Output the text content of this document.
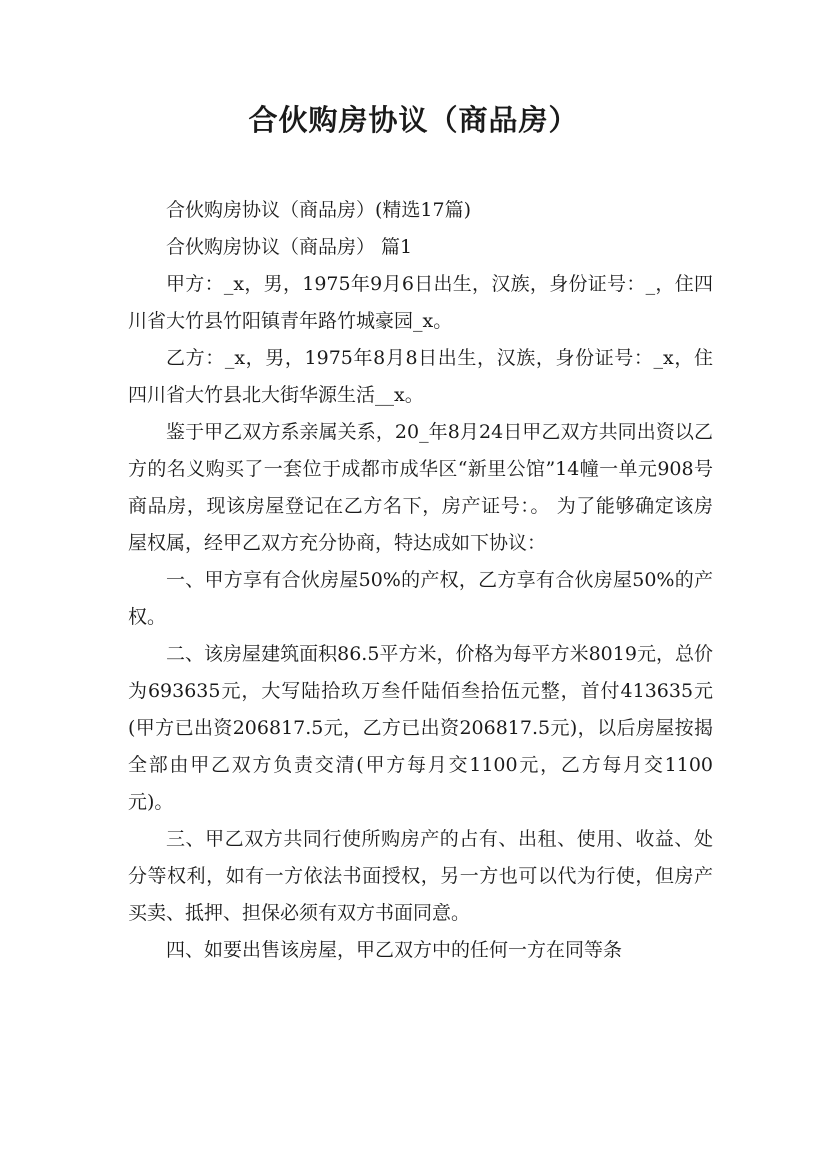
合伙购房协议（商品房）

合伙购房协议（商品房）(精选17篇)

合伙购房协议（商品房） 篇1

甲方：_x，男，1975年9月6日出生，汉族，身份证号：_，住四川省大竹县竹阳镇青年路竹城豪园_x。

乙方：_x，男，1975年8月8日出生，汉族，身份证号：_x，住四川省大竹县北大街华源生活__x。

鉴于甲乙双方系亲属关系，20_年8月24日甲乙双方共同出资以乙方的名义购买了一套位于成都市成华区“新里公馆”14幢一单元908号商品房，现该房屋登记在乙方名下，房产证号：。 为了能够确定该房屋权属，经甲乙双方充分协商，特达成如下协议：

一、甲方享有合伙房屋50%的产权，乙方享有合伙房屋50%的产权。

二、该房屋建筑面积86.5平方米，价格为每平方米8019元，总价为693635元，大写陆拾玖万叁仟陆佰叁拾伍元整，首付413635元(甲方已出资206817.5元，乙方已出资206817.5元)，以后房屋按揭全部由甲乙双方负责交清(甲方每月交1100元，乙方每月交1100元)。

三、甲乙双方共同行使所购房产的占有、出租、使用、收益、处分等权利，如有一方依法书面授权，另一方也可以代为行使，但房产买卖、抵押、担保必须有双方书面同意。

四、如要出售该房屋，甲乙双方中的任何一方在同等条
